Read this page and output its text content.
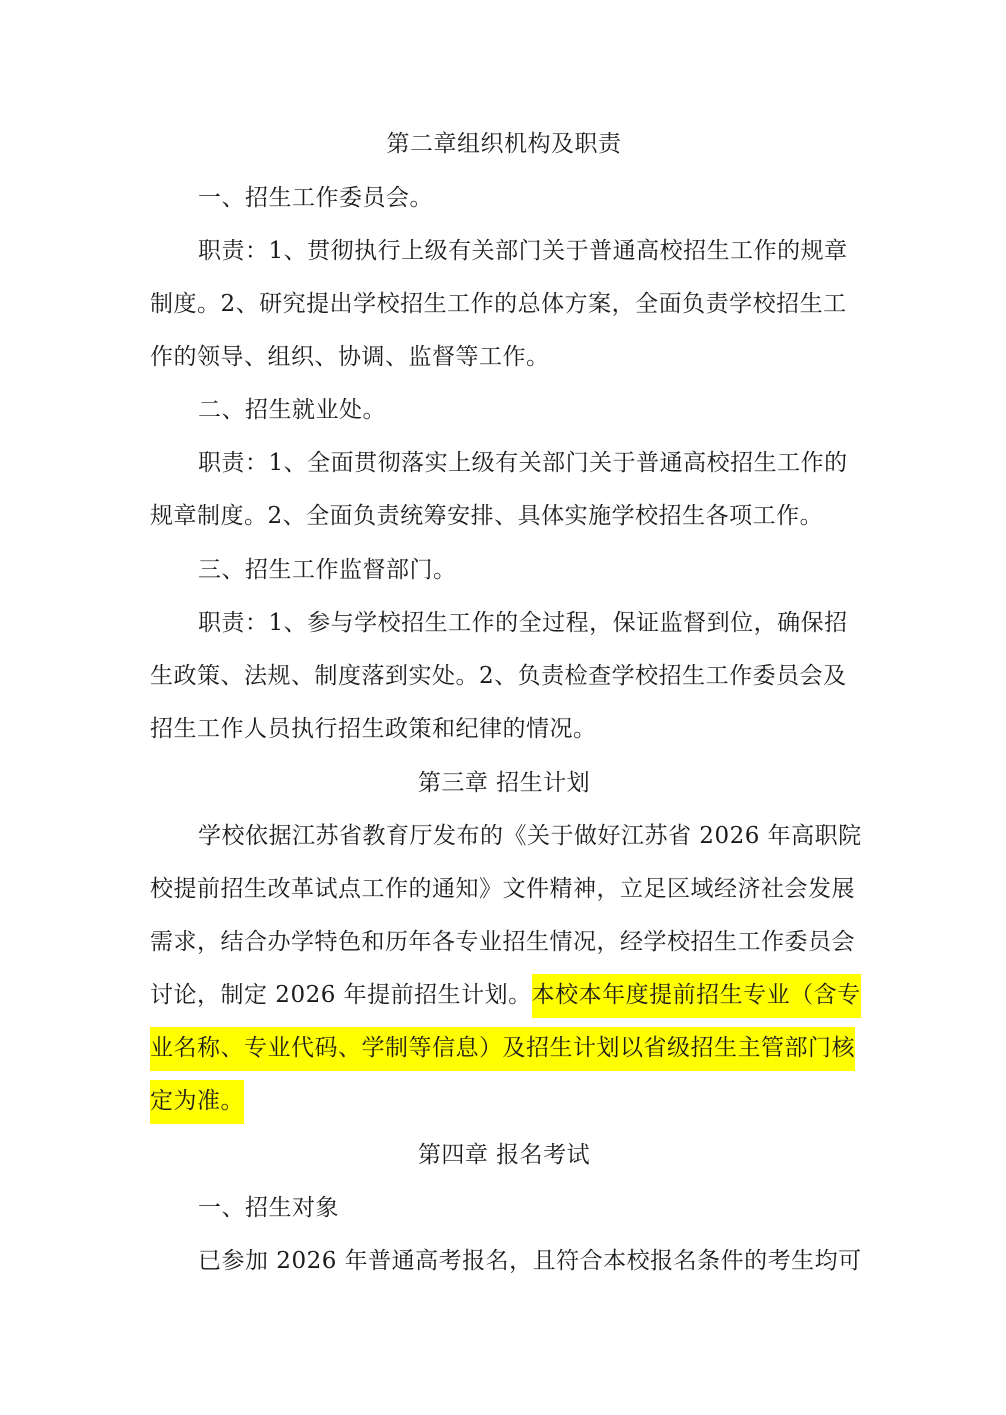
第二章组织机构及职责
一、招生工作委员会。
职责：1、贯彻执行上级有关部门关于普通高校招生工作的规章
制度。2、研究提出学校招生工作的总体方案，全面负责学校招生工
作的领导、组织、协调、监督等工作。
二、招生就业处。
职责：1、全面贯彻落实上级有关部门关于普通高校招生工作的
规章制度。2、全面负责统筹安排、具体实施学校招生各项工作。
三、招生工作监督部门。
职责：1、参与学校招生工作的全过程，保证监督到位，确保招
生政策、法规、制度落到实处。2、负责检查学校招生工作委员会及
招生工作人员执行招生政策和纪律的情况。
第三章 招生计划
学校依据江苏省教育厅发布的《关于做好江苏省 2026 年高职院
校提前招生改革试点工作的通知》文件精神，立足区域经济社会发展
需求，结合办学特色和历年各专业招生情况，经学校招生工作委员会
讨论，制定 2026 年提前招生计划。本校本年度提前招生专业（含专
业名称、专业代码、学制等信息）及招生计划以省级招生主管部门核
定为准。
第四章 报名考试
一、招生对象
已参加 2026 年普通高考报名，且符合本校报名条件的考生均可
